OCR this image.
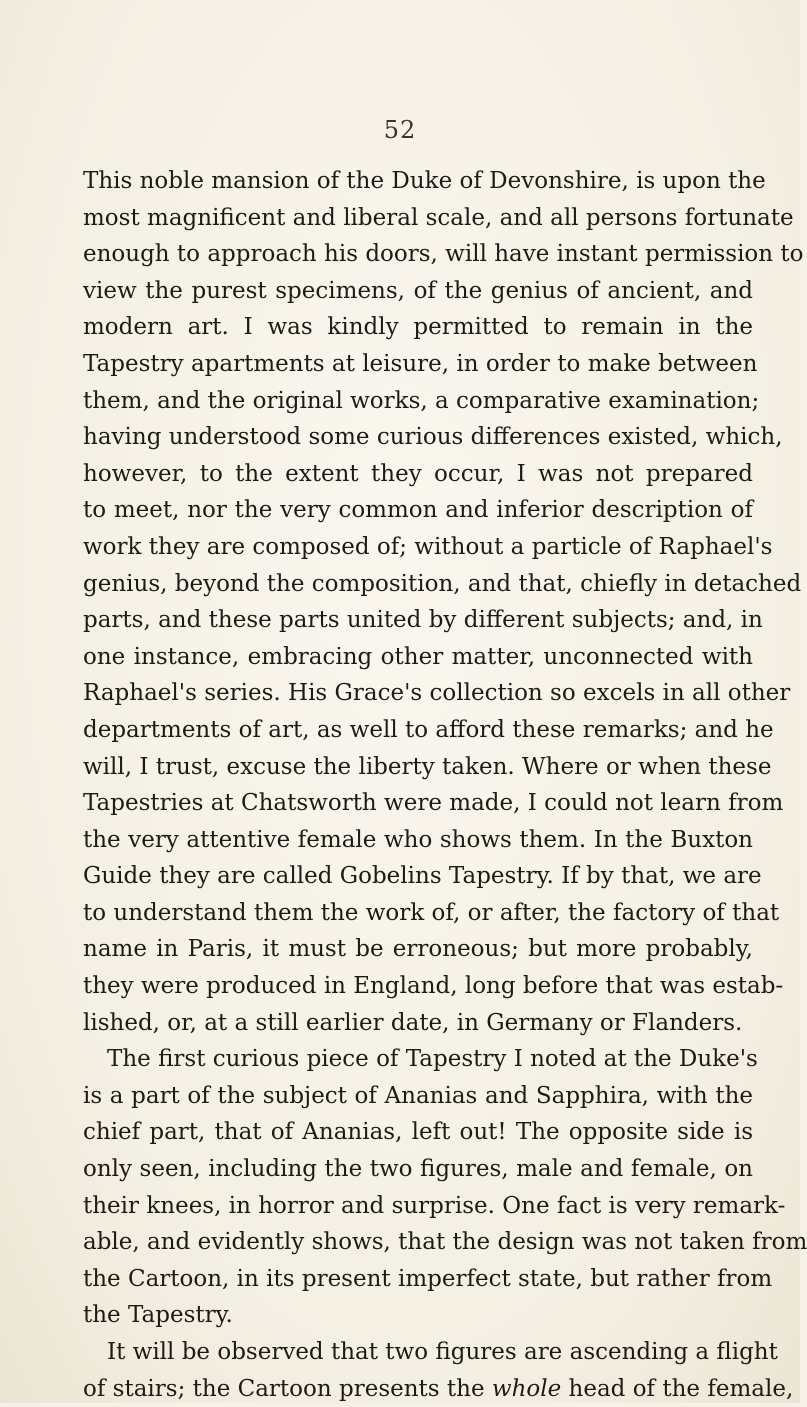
52
This noble mansion of the Duke of Devonshire, is upon the
most magnificent and liberal scale, and all persons fortunate
enough to approach his doors, will have instant permission to
view the purest specimens, of the genius of ancient, and
modern art. I was kindly permitted to remain in the
Tapestry apartments at leisure, in order to make between
them, and the original works, a comparative examination;
having understood some curious differences existed, which,
however, to the extent they occur, I was not prepared
to meet, nor the very common and inferior description of
work they are composed of; without a particle of Raphael's
genius, beyond the composition, and that, chiefly in detached
parts, and these parts united by different subjects; and, in
one instance, embracing other matter, unconnected with
Raphael's series. His Grace's collection so excels in all other
departments of art, as well to afford these remarks; and he
will, I trust, excuse the liberty taken. Where or when these
Tapestries at Chatsworth were made, I could not learn from
the very attentive female who shows them. In the Buxton
Guide they are called Gobelins Tapestry. If by that, we are
to understand them the work of, or after, the factory of that
name in Paris, it must be erroneous; but more probably,
they were produced in England, long before that was estab-
lished, or, at a still earlier date, in Germany or Flanders.
The first curious piece of Tapestry I noted at the Duke's
is a part of the subject of Ananias and Sapphira, with the
chief part, that of Ananias, left out! The opposite side is
only seen, including the two figures, male and female, on
their knees, in horror and surprise. One fact is very remark-
able, and evidently shows, that the design was not taken from
the Cartoon, in its present imperfect state, but rather from
the Tapestry.
It will be observed that two figures are ascending a flight
of stairs; the Cartoon presents the whole head of the female,
